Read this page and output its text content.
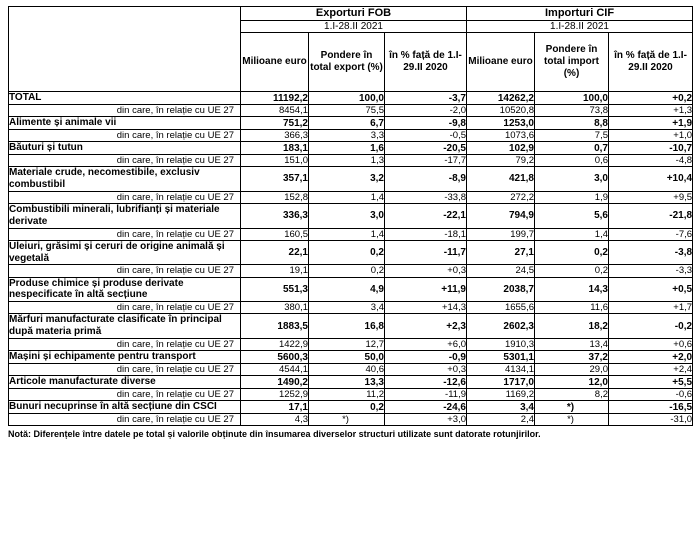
	Exporturi FOB			Importuri CIF		
	1.I-28.II 2021			1.I-28.II 2021		
	Milioane euro	Pondere în total export (%)	în % față de 1.I-29.II 2020	Milioane euro	Pondere în total import (%)	în % față de 1.I-29.II 2020
TOTAL	11192,2	100,0	-3,7	14262,2	100,0	+0,2
din care, în relație cu UE 27	8454,1	75,5	-2,0	10520,8	73,8	+1,3
Alimente și animale vii	751,2	6,7	-9,8	1253,0	8,8	+1,9
din care, în relație cu UE 27	366,3	3,3	-0,5	1073,6	7,5	+1,0
Băuturi și tutun	183,1	1,6	-20,5	102,9	0,7	-10,7
din care, în relație cu UE 27	151,0	1,3	-17,7	79,2	0,6	-4,8
Materiale crude, necomestibile, exclusiv combustibil	357,1	3,2	-8,9	421,8	3,0	+10,4
din care, în relație cu UE 27	152,8	1,4	-33,8	272,2	1,9	+9,5
Combustibili minerali, lubrifianți și materiale derivate	336,3	3,0	-22,1	794,9	5,6	-21,8
din care, în relație cu UE 27	160,5	1,4	-18,1	199,7	1,4	-7,6
Uleiuri, grăsimi și ceruri de origine animală și vegetală	22,1	0,2	-11,7	27,1	0,2	-3,8
din care, în relație cu UE 27	19,1	0,2	+0,3	24,5	0,2	-3,3
Produse chimice și produse derivate nespecificate în altă secțiune	551,3	4,9	+11,9	2038,7	14,3	+0,5
din care, în relație cu UE 27	380,1	3,4	+14,3	1655,6	11,6	+1,7
Mărfuri manufacturate clasificate în principal după materia primă	1883,5	16,8	+2,3	2602,3	18,2	-0,2
din care, în relație cu UE 27	1422,9	12,7	+6,0	1910,3	13,4	+0,6
Mașini și echipamente pentru transport	5600,3	50,0	-0,9	5301,1	37,2	+2,0
din care, în relație cu UE 27	4544,1	40,6	+0,3	4134,1	29,0	+2,4
Articole manufacturate diverse	1490,2	13,3	-12,6	1717,0	12,0	+5,5
din care, în relație cu UE 27	1252,9	11,2	-11,9	1169,2	8,2	-0,6
Bunuri necuprinse în altă secțiune din CSCI	17,1	0,2	-24,6	3,4	*)	-16,5
din care, în relație cu UE 27	4,3	*)	+3,0	2,4	*)	-31,0
Notă: Diferențele între datele pe total și valorile obținute din însumarea diverselor structuri utilizate sunt datorate rotunjirilor.
